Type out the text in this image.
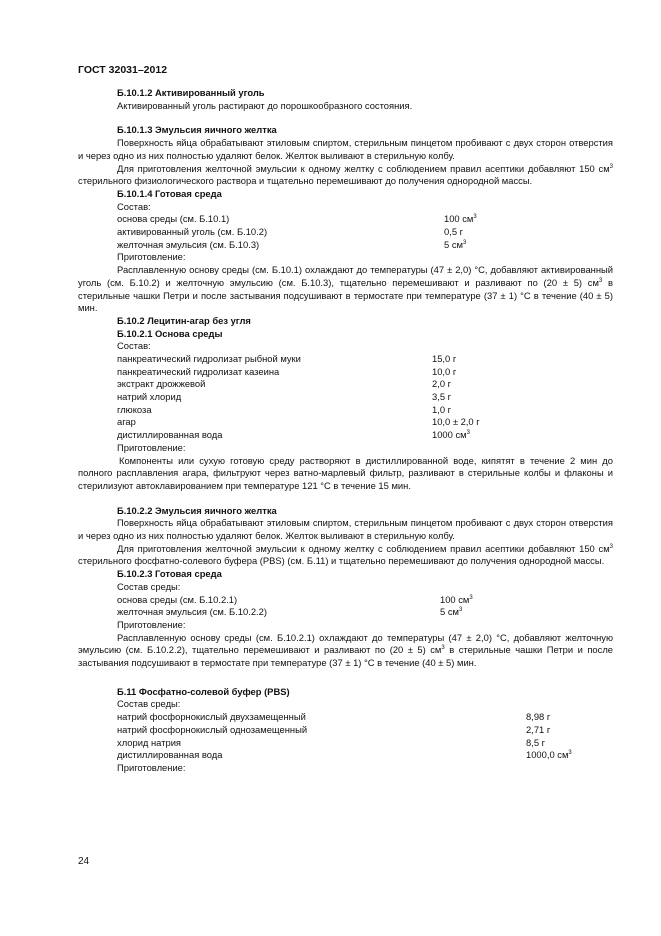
ГОСТ 32031–2012
Б.10.1.2 Активированный уголь

Активированный уголь растирают до порошкообразного состояния.

Б.10.1.3 Эмульсия яичного желтка

Поверхность яйца обрабатывают этиловым спиртом, стерильным пинцетом пробивают с двух сторон отверстия и через одно из них полностью удаляют белок. Желток выливают в стерильную колбу.

Для приготовления желточной эмульсии к одному желтку с соблюдением правил асептики добавляют 150 $см^3$ стерильного физиологического раствора и тщательно перемешивают до получения однородной массы.

Б.10.1.4 Готовая среда
Состав:
основа среды (см. Б.10.1)	100 $см^3$
активированный уголь (см. Б.10.2)	0,5 г
желточная эмульсия (см. Б.10.3)	5 $см^3$
Приготовление:

Расплавленную основу среды (см. Б.10.1) охлаждают до температуры (47 ± 2,0) °С, добавляют активированный уголь (см. Б.10.2) и желточную эмульсию (см. Б.10.3), тщательно перемешивают и разливают по (20 ± 5) $см^3$ в стерильные чашки Петри и после застывания подсушивают в термостате при температуре (37 ± 1) °С в течение (40 ± 5) мин.

Б.10.2 Лецитин-агар без угля
Б.10.2.1 Основа среды
Состав:
панкреатический гидролизат рыбной муки	15,0 г
панкреатический гидролизат казеина	10,0 г
экстракт дрожжевой	2,0 г
натрий хлорид	3,5 г
глюкоза	1,0 г
агар	10,0 ± 2,0 г
дистиллированная вода	1000 $см^3$
Приготовление:

Компоненты или сухую готовую среду растворяют в дистиллированной воде, кипятят в течение 2 мин до полного расплавления агара, фильтруют через ватно-марлевый фильтр, разливают в стерильные колбы и флаконы и стерилизуют автоклавированием при температуре 121 °С в течение 15 мин.

Б.10.2.2 Эмульсия яичного желтка

Поверхность яйца обрабатывают этиловым спиртом, стерильным пинцетом пробивают с двух сторон отверстия и через одно из них полностью удаляют белок. Желток выливают в стерильную колбу.

Для приготовления желточной эмульсии к одному желтку с соблюдением правил асептики добавляют 150 $см^3$ стерильного фосфатно-солевого буфера (PBS) (см. Б.11) и тщательно перемешивают до получения однородной массы.

Б.10.2.3 Готовая среда
Состав среды:
основа среды (см. Б.10.2.1)	100 $см^3$
желточная эмульсия (см. Б.10.2.2)	5 $см^3$
Приготовление:

Расплавленную основу среды (см. Б.10.2.1) охлаждают до температуры (47 ± 2,0) °С, добавляют желточную эмульсию (см. Б.10.2.2), тщательно перемешивают и разливают по (20 ± 5) $см^3$ в стерильные чашки Петри и после застывания подсушивают в термостате при температуре (37 ± 1) °С в течение (40 ± 5) мин.

Б.11 Фосфатно-солевой буфер (PBS)
Состав среды:
натрий фосфорнокислый двухзамещенный	8,98 г
натрий фосфорнокислый однозамещенный	2,71 г
хлорид натрия	8,5 г
дистиллированная вода	1000,0 $см^3$
Приготовление:
24
